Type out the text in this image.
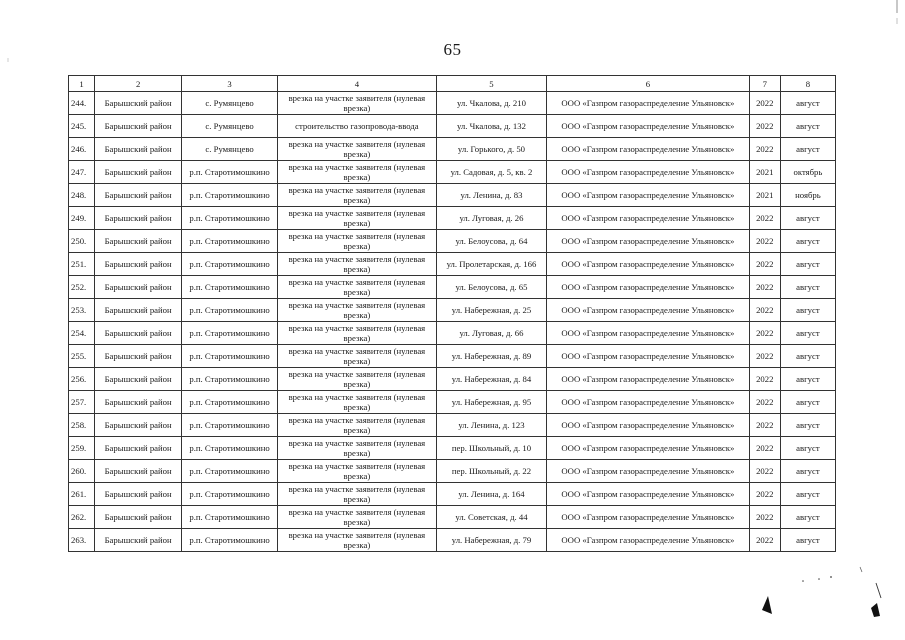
65
1	2	3	4	5	6	7	8
244.	Барышский район	с. Румянцево	врезка на участке заявителя (нулевая врезка)	ул. Чкалова, д. 210	ООО «Газпром газораспределение Ульяновск»	2022	август
245.	Барышский район	с. Румянцево	строительство газопровода-ввода	ул. Чкалова, д. 132	ООО «Газпром газораспределение Ульяновск»	2022	август
246.	Барышский район	с. Румянцево	врезка на участке заявителя (нулевая врезка)	ул. Горького, д. 50	ООО «Газпром газораспределение Ульяновск»	2022	август
247.	Барышский район	р.п. Старотимошкино	врезка на участке заявителя (нулевая врезка)	ул. Садовая, д. 5, кв. 2	ООО «Газпром газораспределение Ульяновск»	2021	октябрь
248.	Барышский район	р.п. Старотимошкино	врезка на участке заявителя (нулевая врезка)	ул. Ленина, д. 83	ООО «Газпром газораспределение Ульяновск»	2021	ноябрь
249.	Барышский район	р.п. Старотимошкино	врезка на участке заявителя (нулевая врезка)	ул. Луговая, д. 26	ООО «Газпром газораспределение Ульяновск»	2022	август
250.	Барышский район	р.п. Старотимошкино	врезка на участке заявителя (нулевая врезка)	ул. Белоусова, д. 64	ООО «Газпром газораспределение Ульяновск»	2022	август
251.	Барышский район	р.п. Старотимошкино	врезка на участке заявителя (нулевая врезка)	ул. Пролетарская, д. 166	ООО «Газпром газораспределение Ульяновск»	2022	август
252.	Барышский район	р.п. Старотимошкино	врезка на участке заявителя (нулевая врезка)	ул. Белоусова, д. 65	ООО «Газпром газораспределение Ульяновск»	2022	август
253.	Барышский район	р.п. Старотимошкино	врезка на участке заявителя (нулевая врезка)	ул. Набережная, д. 25	ООО «Газпром газораспределение Ульяновск»	2022	август
254.	Барышский район	р.п. Старотимошкино	врезка на участке заявителя (нулевая врезка)	ул. Луговая, д. 66	ООО «Газпром газораспределение Ульяновск»	2022	август
255.	Барышский район	р.п. Старотимошкино	врезка на участке заявителя (нулевая врезка)	ул. Набережная, д. 89	ООО «Газпром газораспределение Ульяновск»	2022	август
256.	Барышский район	р.п. Старотимошкино	врезка на участке заявителя (нулевая врезка)	ул. Набережная, д. 84	ООО «Газпром газораспределение Ульяновск»	2022	август
257.	Барышский район	р.п. Старотимошкино	врезка на участке заявителя (нулевая врезка)	ул. Набережная, д. 95	ООО «Газпром газораспределение Ульяновск»	2022	август
258.	Барышский район	р.п. Старотимошкино	врезка на участке заявителя (нулевая врезка)	ул. Ленина, д. 123	ООО «Газпром газораспределение Ульяновск»	2022	август
259.	Барышский район	р.п. Старотимошкино	врезка на участке заявителя (нулевая врезка)	пер. Школьный, д. 10	ООО «Газпром газораспределение Ульяновск»	2022	август
260.	Барышский район	р.п. Старотимошкино	врезка на участке заявителя (нулевая врезка)	пер. Школьный, д. 22	ООО «Газпром газораспределение Ульяновск»	2022	август
261.	Барышский район	р.п. Старотимошкино	врезка на участке заявителя (нулевая врезка)	ул. Ленина, д. 164	ООО «Газпром газораспределение Ульяновск»	2022	август
262.	Барышский район	р.п. Старотимошкино	врезка на участке заявителя (нулевая врезка)	ул. Советская, д. 44	ООО «Газпром газораспределение Ульяновск»	2022	август
263.	Барышский район	р.п. Старотимошкино	врезка на участке заявителя (нулевая врезка)	ул. Набережная, д. 79	ООО «Газпром газораспределение Ульяновск»	2022	август
